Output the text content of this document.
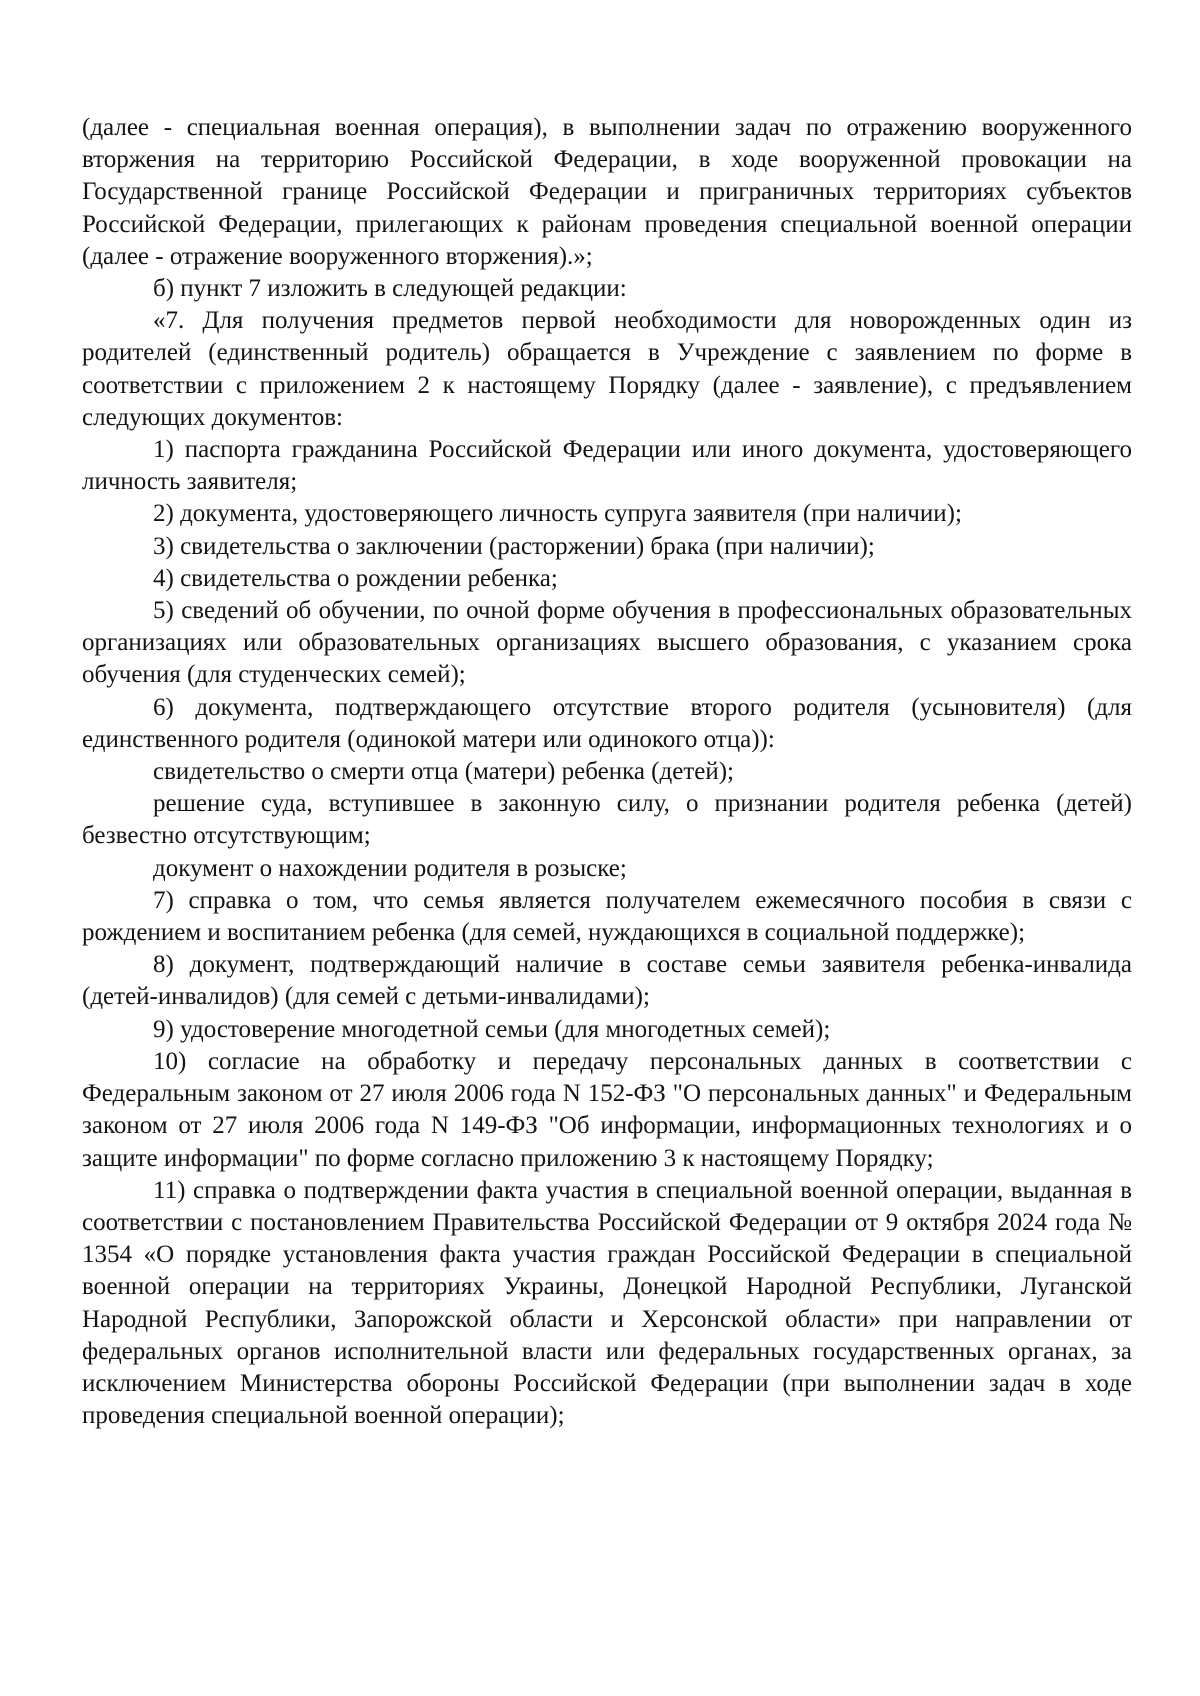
(далее - специальная военная операция), в выполнении задач по отражению вооруженного вторжения на территорию Российской Федерации, в ходе вооруженной провокации на Государственной границе Российской Федерации и приграничных территориях субъектов Российской Федерации, прилегающих к районам проведения специальной военной операции (далее - отражение вооруженного вторжения).»;

б) пункт 7 изложить в следующей редакции:

«7. Для получения предметов первой необходимости для новорожденных один из родителей (единственный родитель) обращается в Учреждение с заявлением по форме в соответствии с приложением 2 к настоящему Порядку (далее - заявление), с предъявлением следующих документов:

1) паспорта гражданина Российской Федерации или иного документа, удостоверяющего личность заявителя;

2) документа, удостоверяющего личность супруга заявителя (при наличии);

3) свидетельства о заключении (расторжении) брака (при наличии);

4) свидетельства о рождении ребенка;

5) сведений об обучении, по очной форме обучения в профессиональных образовательных организациях или образовательных организациях высшего образования, с указанием срока обучения (для студенческих семей);

6) документа, подтверждающего отсутствие второго родителя (усыновителя) (для единственного родителя (одинокой матери или одинокого отца)):

свидетельство о смерти отца (матери) ребенка (детей);

решение суда, вступившее в законную силу, о признании родителя ребенка (детей) безвестно отсутствующим;

документ о нахождении родителя в розыске;

7) справка о том, что семья является получателем ежемесячного пособия в связи с рождением и воспитанием ребенка (для семей, нуждающихся в социальной поддержке);

8) документ, подтверждающий наличие в составе семьи заявителя ребенка-инвалида (детей-инвалидов) (для семей с детьми-инвалидами);

9) удостоверение многодетной семьи (для многодетных семей);

10) согласие на обработку и передачу персональных данных в соответствии с Федеральным законом от 27 июля 2006 года N 152-ФЗ "О персональных данных" и Федеральным законом от 27 июля 2006 года N 149-ФЗ "Об информации, информационных технологиях и о защите информации" по форме согласно приложению 3 к настоящему Порядку;

11) справка о подтверждении факта участия в специальной военной операции, выданная в соответствии с постановлением Правительства Российской Федерации от 9 октября 2024 года № 1354 «О порядке установления факта участия граждан Российской Федерации в специальной военной операции на территориях Украины, Донецкой Народной Республики, Луганской Народной Республики, Запорожской области и Херсонской области» при направлении от федеральных органов исполнительной власти или федеральных государственных органах, за исключением Министерства обороны Российской Федерации (при выполнении задач в ходе проведения специальной военной операции);
